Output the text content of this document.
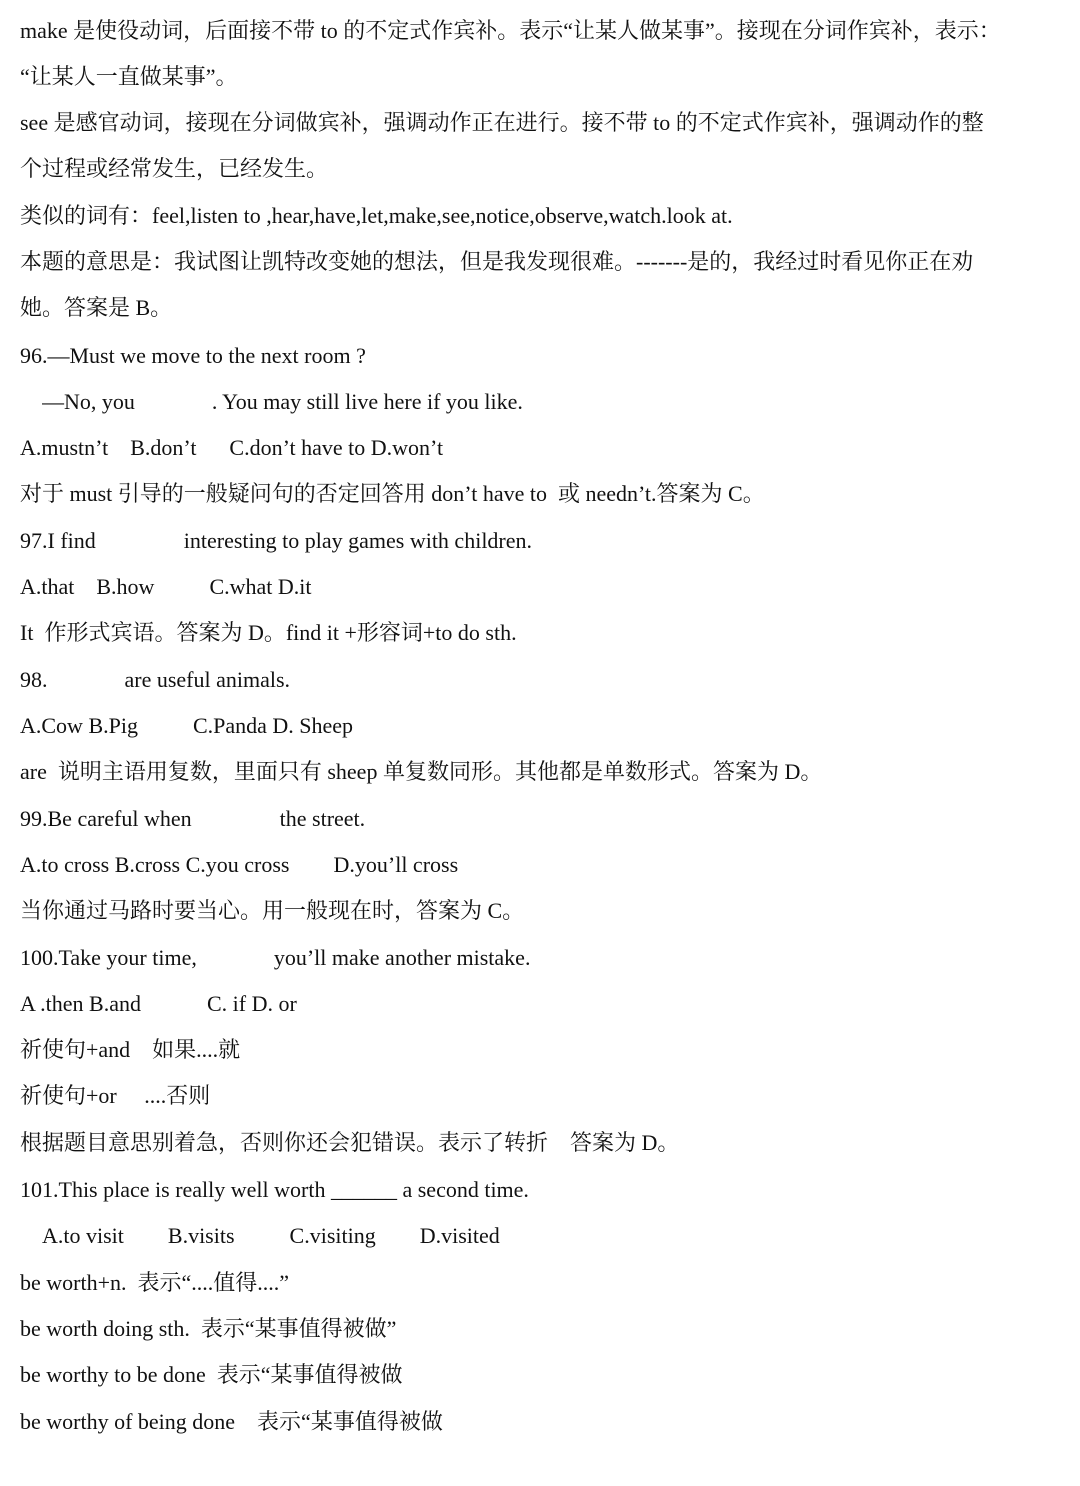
make 是使役动词，后面接不带 to 的不定式作宾补。表示“让某人做某事”。接现在分词作宾补，表示：
“让某人一直做某事”。
see 是感官动词，接现在分词做宾补，强调动作正在进行。接不带 to 的不定式作宾补，强调动作的整
个过程或经常发生，已经发生。
类似的词有：feel,listen to ,hear,have,let,make,see,notice,observe,watch.look at.
本题的意思是：我试图让凯特改变她的想法，但是我发现很难。-------是的，我经过时看见你正在劝
她。答案是 B。
96.—Must we move to the next room ?
—No, you              . You may still live here if you like.
A.mustn’t    B.don’t      C.don’t have to D.won’t
对于 must 引导的一般疑问句的否定回答用 don’t have to  或 needn’t.答案为 C。
97.I find                interesting to play games with children.
A.that    B.how          C.what D.it
It  作形式宾语。答案为 D。find it +形容词+to do sth.
98.              are useful animals.
A.Cow B.Pig          C.Panda D. Sheep
are  说明主语用复数，里面只有 sheep 单复数同形。其他都是单数形式。答案为 D。
99.Be careful when                the street.
A.to cross B.cross C.you cross        D.you’ll cross
当你通过马路时要当心。用一般现在时，答案为 C。
100.Take your time,              you’ll make another mistake.
A .then B.and            C. if D. or
祈使句+and    如果....就
祈使句+or     ....否则
根据题目意思别着急，否则你还会犯错误。表示了转折    答案为 D。
101.This place is really well worth ______ a second time.
A.to visit        B.visits          C.visiting        D.visited
be worth+n.  表示“....值得....”
be worth doing sth.  表示“某事值得被做”
be worthy to be done  表示“某事值得被做
be worthy of being done    表示“某事值得被做
